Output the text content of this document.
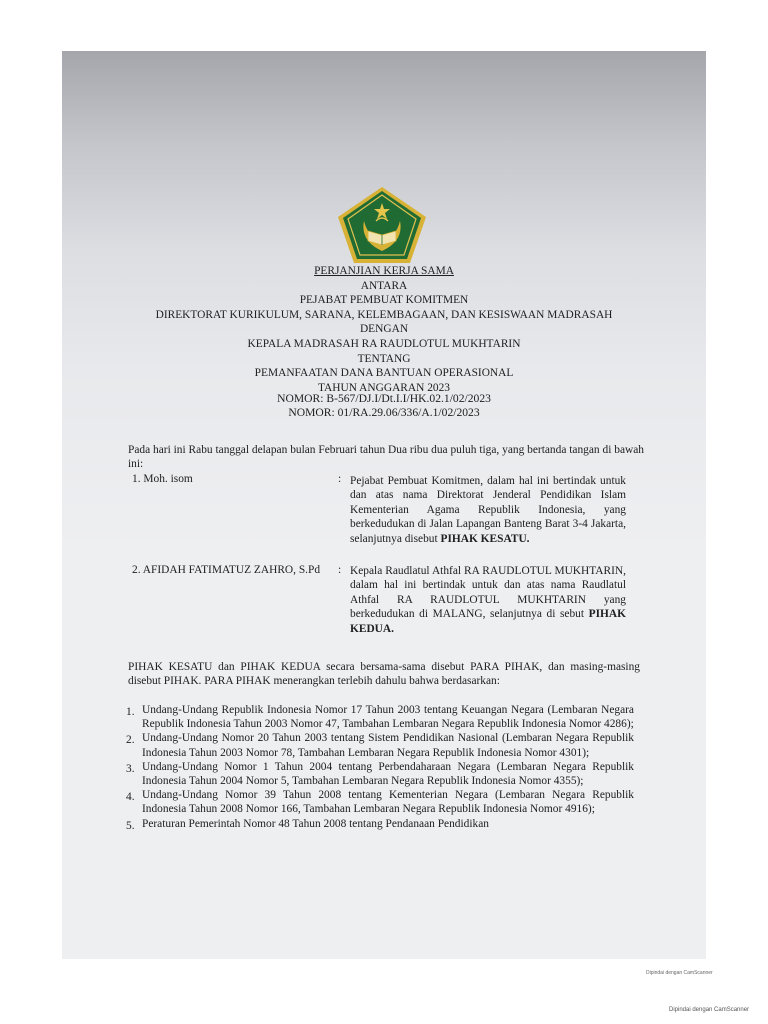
PERJANJIAN KERJA SAMA
ANTARA
PEJABAT PEMBUAT KOMITMEN
DIREKTORAT KURIKULUM, SARANA, KELEMBAGAAN, DAN KESISWAAN MADRASAH
DENGAN
KEPALA MADRASAH RA RAUDLOTUL MUKHTARIN
TENTANG
PEMANFAATAN DANA BANTUAN OPERASIONAL
TAHUN ANGGARAN 2023
NOMOR: B-567/DJ.I/Dt.I.I/HK.02.1/02/2023
NOMOR: 01/RA.29.06/336/A.1/02/2023
Pada hari ini Rabu tanggal delapan bulan Februari tahun Dua ribu dua puluh tiga, yang bertanda tangan di bawah ini:
1. Moh. isom	: Pejabat Pembuat Komitmen, dalam hal ini bertindak untuk dan atas nama Direktorat Jenderal Pendidikan Islam Kementerian Agama Republik Indonesia, yang berkedudukan di Jalan Lapangan Banteng Barat 3-4 Jakarta, selanjutnya disebut PIHAK KESATU.
2. AFIDAH FATIMATUZ ZAHRO, S.Pd : Kepala Raudlatul Athfal RA RAUDLOTUL MUKHTARIN, dalam hal ini bertindak untuk dan atas nama Raudlatul Athfal RA RAUDLOTUL MUKHTARIN yang berkedudukan di MALANG, selanjutnya di sebut PIHAK KEDUA.
PIHAK KESATU dan PIHAK KEDUA secara bersama-sama disebut PARA PIHAK, dan masing-masing disebut PIHAK. PARA PIHAK menerangkan terlebih dahulu bahwa berdasarkan:
1. Undang-Undang Republik Indonesia Nomor 17 Tahun 2003 tentang Keuangan Negara (Lembaran Negara Republik Indonesia Tahun 2003 Nomor 47, Tambahan Lembaran Negara Republik Indonesia Nomor 4286);
2. Undang-Undang Nomor 20 Tahun 2003 tentang Sistem Pendidikan Nasional (Lembaran Negara Republik Indonesia Tahun 2003 Nomor 78, Tambahan Lembaran Negara Republik Indonesia Nomor 4301);
3. Undang-Undang Nomor 1 Tahun 2004 tentang Perbendaharaan Negara (Lembaran Negara Republik Indonesia Tahun 2004 Nomor 5, Tambahan Lembaran Negara Republik Indonesia Nomor 4355);
4. Undang-Undang Nomor 39 Tahun 2008 tentang Kementerian Negara (Lembaran Negara Republik Indonesia Tahun 2008 Nomor 166, Tambahan Lembaran Negara Republik Indonesia Nomor 4916);
5. Peraturan Pemerintah Nomor 48 Tahun 2008 tentang Pendanaan Pendidikan
Dipindai dengan CamScanner
Dipindai dengan CamScanner
